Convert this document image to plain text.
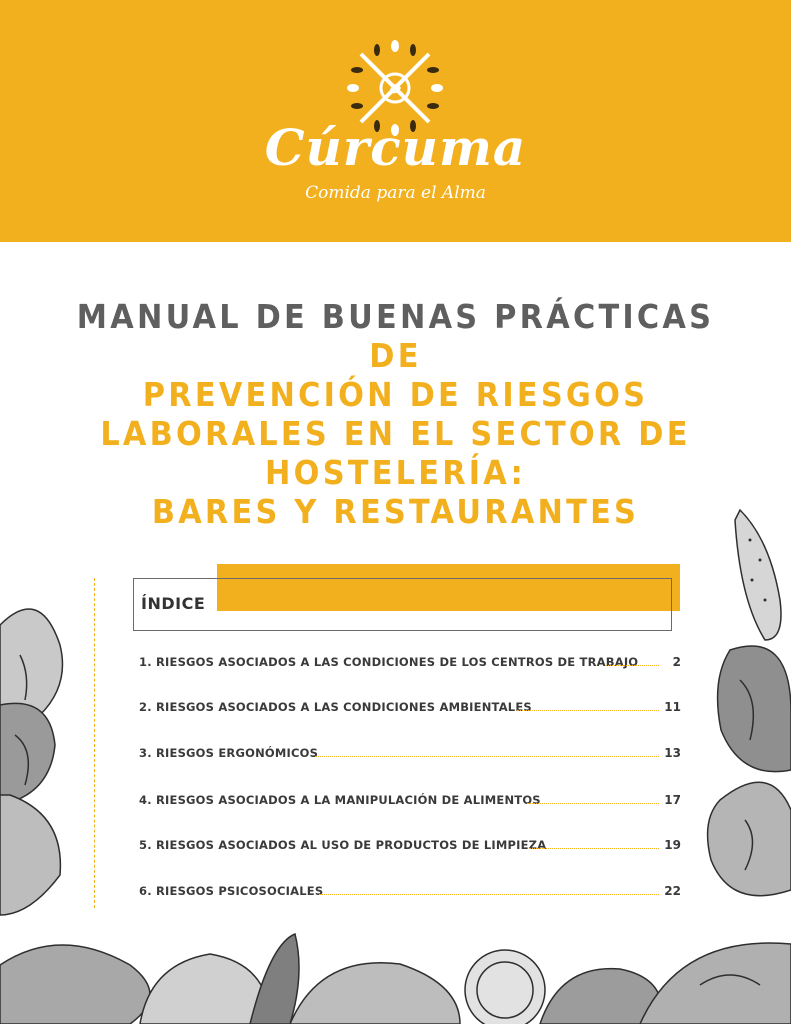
Cúrcuma
Comida para el Alma
MANUAL DE BUENAS PRÁCTICAS DE
PREVENCIÓN DE RIESGOS
LABORALES EN EL SECTOR DE
HOSTELERÍA:
BARES Y RESTAURANTES
ÍNDICE
1. RIESGOS ASOCIADOS A LAS CONDICIONES DE LOS CENTROS DE TRABAJO	2
2. RIESGOS ASOCIADOS A LAS CONDICIONES AMBIENTALES	11
3. RIESGOS ERGONÓMICOS	13
4. RIESGOS ASOCIADOS A LA MANIPULACIÓN DE ALIMENTOS	17
5. RIESGOS ASOCIADOS AL USO DE PRODUCTOS DE LIMPIEZA	19
6. RIESGOS PSICOSOCIALES	22
